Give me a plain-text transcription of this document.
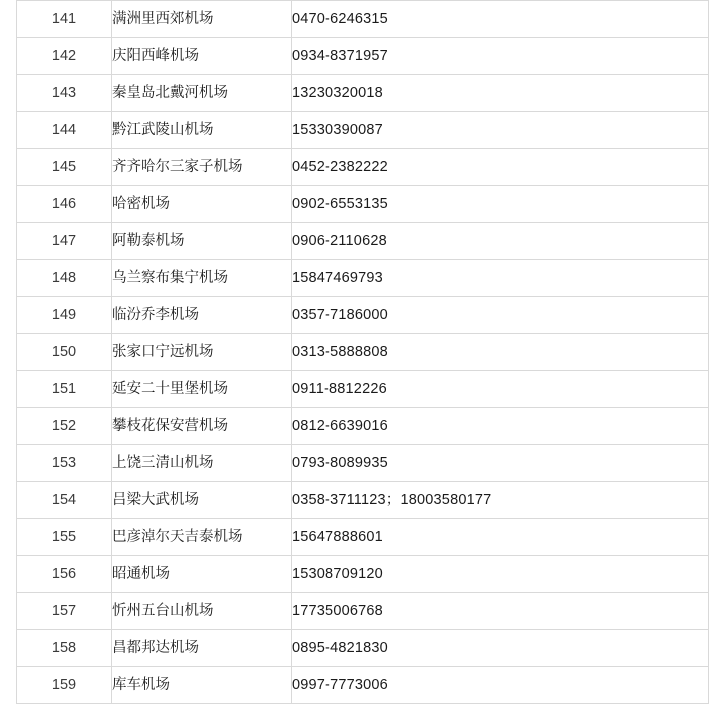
141	满洲里西郊机场	0470-6246315
142	庆阳西峰机场	0934-8371957
143	秦皇岛北戴河机场	13230320018
144	黔江武陵山机场	15330390087
145	齐齐哈尔三家子机场	0452-2382222
146	哈密机场	0902-6553135
147	阿勒泰机场	0906-2110628
148	乌兰察布集宁机场	15847469793
149	临汾乔李机场	0357-7186000
150	张家口宁远机场	0313-5888808
151	延安二十里堡机场	0911-8812226
152	攀枝花保安营机场	0812-6639016
153	上饶三清山机场	0793-8089935
154	吕梁大武机场	0358-3711123；18003580177
155	巴彦淖尔天吉泰机场	15647888601
156	昭通机场	15308709120
157	忻州五台山机场	17735006768
158	昌都邦达机场	0895-4821830
159	库车机场	0997-7773006
